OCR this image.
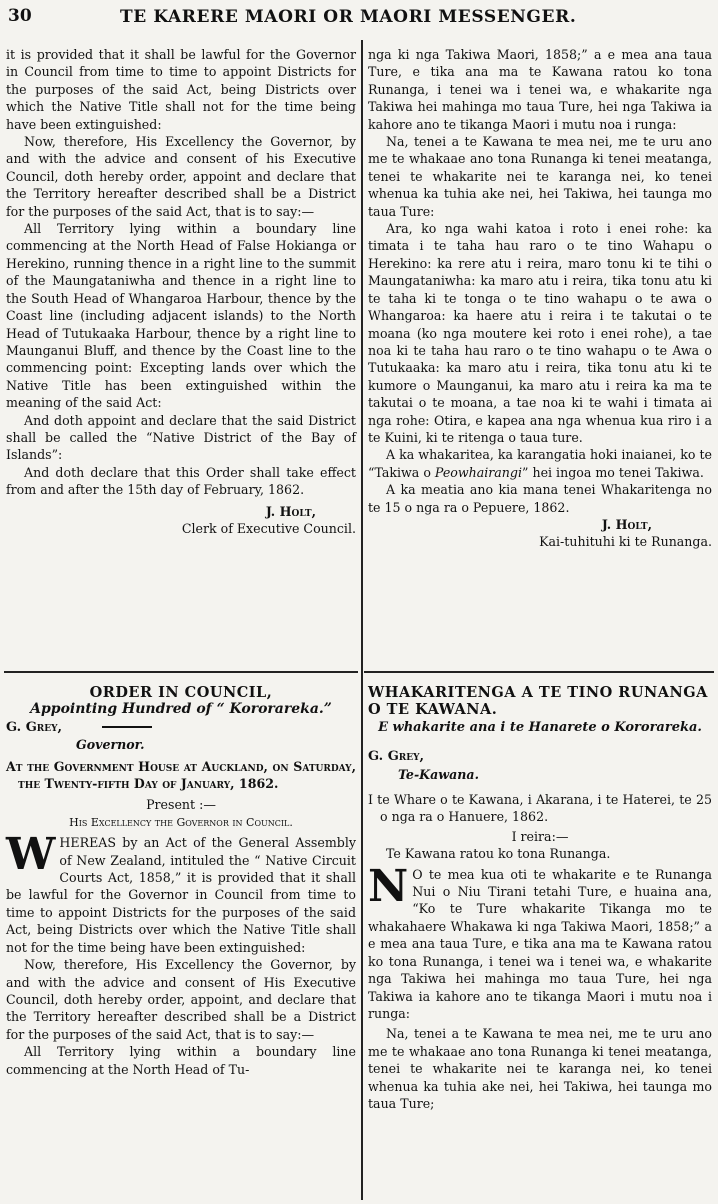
30	TE KARERE MAORI OR MAORI MESSENGER.

it is provided that it shall be lawful for the Governor in Council from time to time to appoint Districts for the purposes of the said Act, being Districts over which the Native Title shall not for the time being have been extinguished:

Now, therefore, His Excellency the Governor, by and with the advice and consent of his Executive Council, doth hereby order, appoint and declare that the Territory hereafter described shall be a District for the purposes of the said Act, that is to say:—

All Territory lying within a boundary line commencing at the North Head of False Hokianga or Herekino, running thence in a right line to the summit of the Maungataniwha and thence in a right line to the South Head of Whangaroa Harbour, thence by the Coast line (including adjacent islands) to the North Head of Tutukaaka Harbour, thence by a right line to Maunganui Bluff, and thence by the Coast line to the commencing point: Excepting lands over which the Native Title has been extinguished within the meaning of the said Act:

And doth appoint and declare that the said District shall be called the “Native District of the Bay of Islands”:

And doth declare that this Order shall take effect from and after the 15th day of February, 1862.

J. Holt,

Clerk of Executive Council.

nga ki nga Takiwa Maori, 1858;” a e mea ana taua Ture, e tika ana ma te Kawana ratou ko tona Runanga, i tenei wa i tenei wa, e whakarite nga Takiwa hei mahinga mo taua Ture, hei nga Takiwa ia kahore ano te tikanga Maori i mutu noa i runga:

Na, tenei a te Kawana te mea nei, me te uru ano me te whakaae ano tona Runanga ki tenei meatanga, tenei te whakarite nei te karanga nei, ko tenei whenua ka tuhia ake nei, hei Takiwa, hei taunga mo taua Ture:

Ara, ko nga wahi katoa i roto i enei rohe: ka timata i te taha hau raro o te tino Wahapu o Herekino: ka rere atu i reira, maro tonu ki te tihi o Maungataniwha: ka maro atu i reira, tika tonu atu ki te taha ki te tonga o te tino wahapu o te awa o Whangaroa: ka haere atu i reira i te takutai o te moana (ko nga moutere kei roto i enei rohe), a tae noa ki te taha hau raro o te tino wahapu o te Awa o Tutukaaka: ka maro atu i reira, tika tonu atu ki te kumore o Maunganui, ka maro atu i reira ka ma te takutai o te moana, a tae noa ki te wahi i timata ai nga rohe: Otira, e kapea ana nga whenua kua riro i a te Kuini, ki te ritenga o taua ture.

A ka whakaritea, ka karangatia hoki inaianei, ko te “Takiwa o Peowhairangi” hei ingoa mo tenei Takiwa.

A ka meatia ano kia mana tenei Whakaritenga no te 15 o nga ra o Pepuere, 1862.

J. Holt,

Kai-tuhituhi ki te Runanga.

ORDER IN COUNCIL,

Appointing Hundred of “ Kororareka.”

G. Grey,

Governor.

At the Government House at Auckland, on Saturday, the Twenty-fifth Day of January, 1862.

Present :—

His Excellency the Governor in Council.

WHEREAS by an Act of the General Assembly of New Zealand, intituled the “ Native Circuit Courts Act, 1858,” it is provided that it shall be lawful for the Governor in Council from time to time to appoint Districts for the purposes of the said Act, being Districts over which the Native Title shall not for the time being have been extinguished:

Now, therefore, His Excellency the Governor, by and with the advice and consent of His Executive Council, doth hereby order, appoint, and declare that the Territory hereafter described shall be a District for the purposes of the said Act, that is to say:—

All Territory lying within a boundary line commencing at the North Head of Tu-

WHAKARITENGA A TE TINO RUNANGA O TE KAWANA.

E whakarite ana i te Hanarete o Kororareka.

G. Grey,

Te-Kawana.

I te Whare o te Kawana, i Akarana, i te Haterei, te 25 o nga ra o Hanuere, 1862.

I reira:—

Te Kawana ratou ko tona Runanga.

N O te mea kua oti te whakarite e te Runanga Nui o Niu Tirani tetahi Ture, e huaina ana, “Ko te Ture whakarite Tikanga mo te whakahaere Whakawa ki nga Takiwa Maori, 1858;” a e mea ana taua Ture, e tika ana ma te Kawana ratou ko tona Runanga, i tenei wa i tenei wa, e whakarite nga Takiwa hei mahinga mo taua Ture, hei nga Takiwa ia kahore ano te tikanga Maori i mutu noa i runga:

Na, tenei a te Kawana te mea nei, me te uru ano me te whakaae ano tona Runanga ki tenei meatanga, tenei te whakarite nei te karanga nei, ko tenei whenua ka tuhia ake nei, hei Takiwa, hei taunga mo taua Ture;
